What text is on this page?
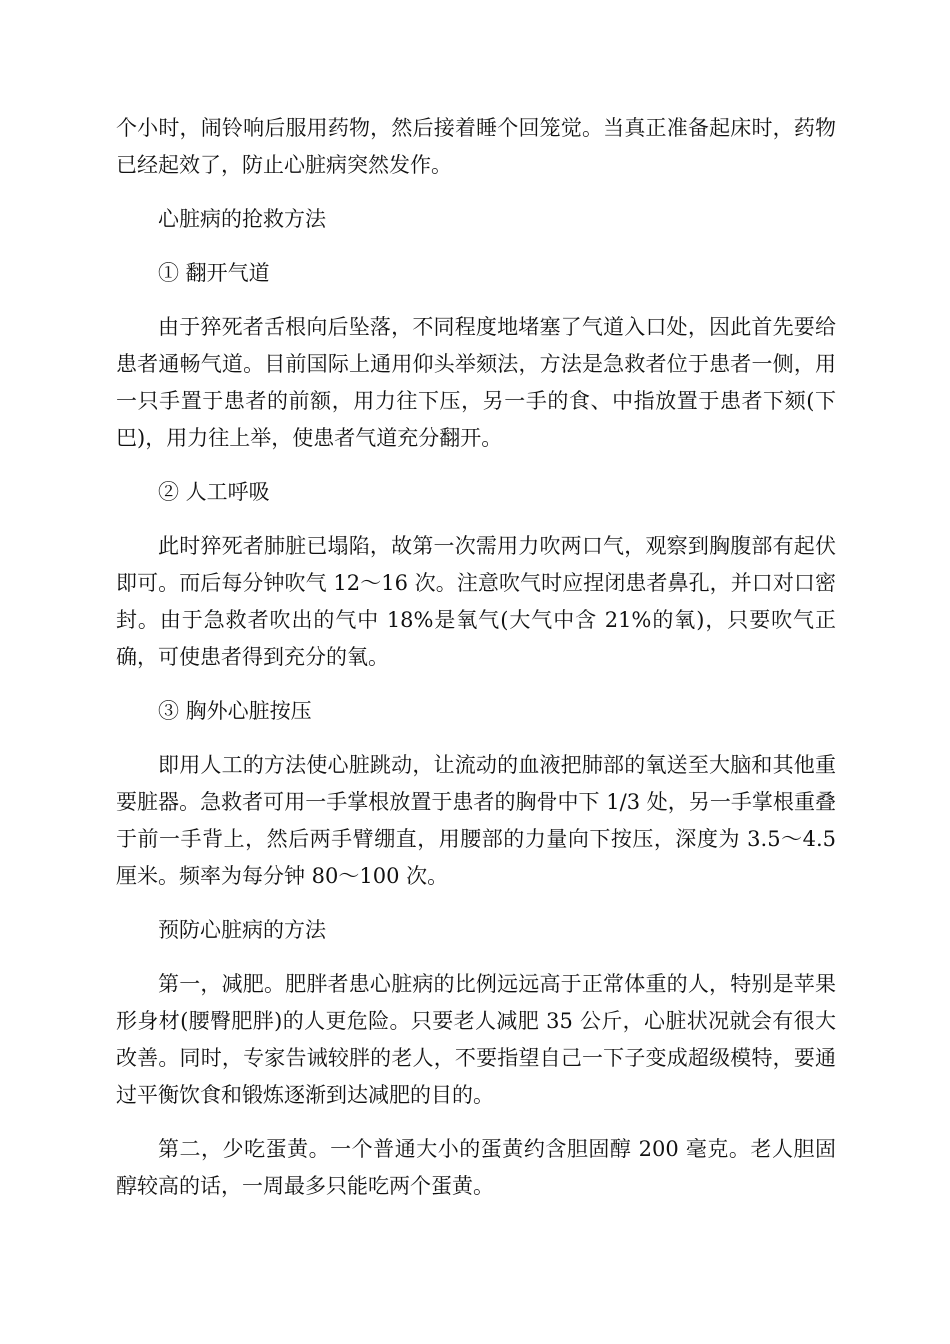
个小时，闹铃响后服用药物，然后接着睡个回笼觉。当真正准备起床时，药物已经起效了，防止心脏病突然发作。

心脏病的抢救方法

① 翻开气道

由于猝死者舌根向后坠落，不同程度地堵塞了气道入口处，因此首先要给患者通畅气道。目前国际上通用仰头举颏法，方法是急救者位于患者一侧，用一只手置于患者的前额，用力往下压，另一手的食、中指放置于患者下颏(下巴)，用力往上举，使患者气道充分翻开。

② 人工呼吸

此时猝死者肺脏已塌陷，故第一次需用力吹两口气，观察到胸腹部有起伏即可。而后每分钟吹气 12～16 次。注意吹气时应捏闭患者鼻孔，并口对口密封。由于急救者吹出的气中 18%是氧气(大气中含 21%的氧)，只要吹气正确，可使患者得到充分的氧。

③ 胸外心脏按压

即用人工的方法使心脏跳动，让流动的血液把肺部的氧送至大脑和其他重要脏器。急救者可用一手掌根放置于患者的胸骨中下 1/3 处，另一手掌根重叠于前一手背上，然后两手臂绷直，用腰部的力量向下按压，深度为 3.5～4.5 厘米。频率为每分钟 80～100 次。

预防心脏病的方法

第一，减肥。肥胖者患心脏病的比例远远高于正常体重的人，特别是苹果形身材(腰臀肥胖)的人更危险。只要老人减肥 35 公斤，心脏状况就会有很大改善。同时，专家告诫较胖的老人，不要指望自己一下子变成超级模特，要通过平衡饮食和锻炼逐渐到达减肥的目的。

第二，少吃蛋黄。一个普通大小的蛋黄约含胆固醇 200 毫克。老人胆固醇较高的话，一周最多只能吃两个蛋黄。
